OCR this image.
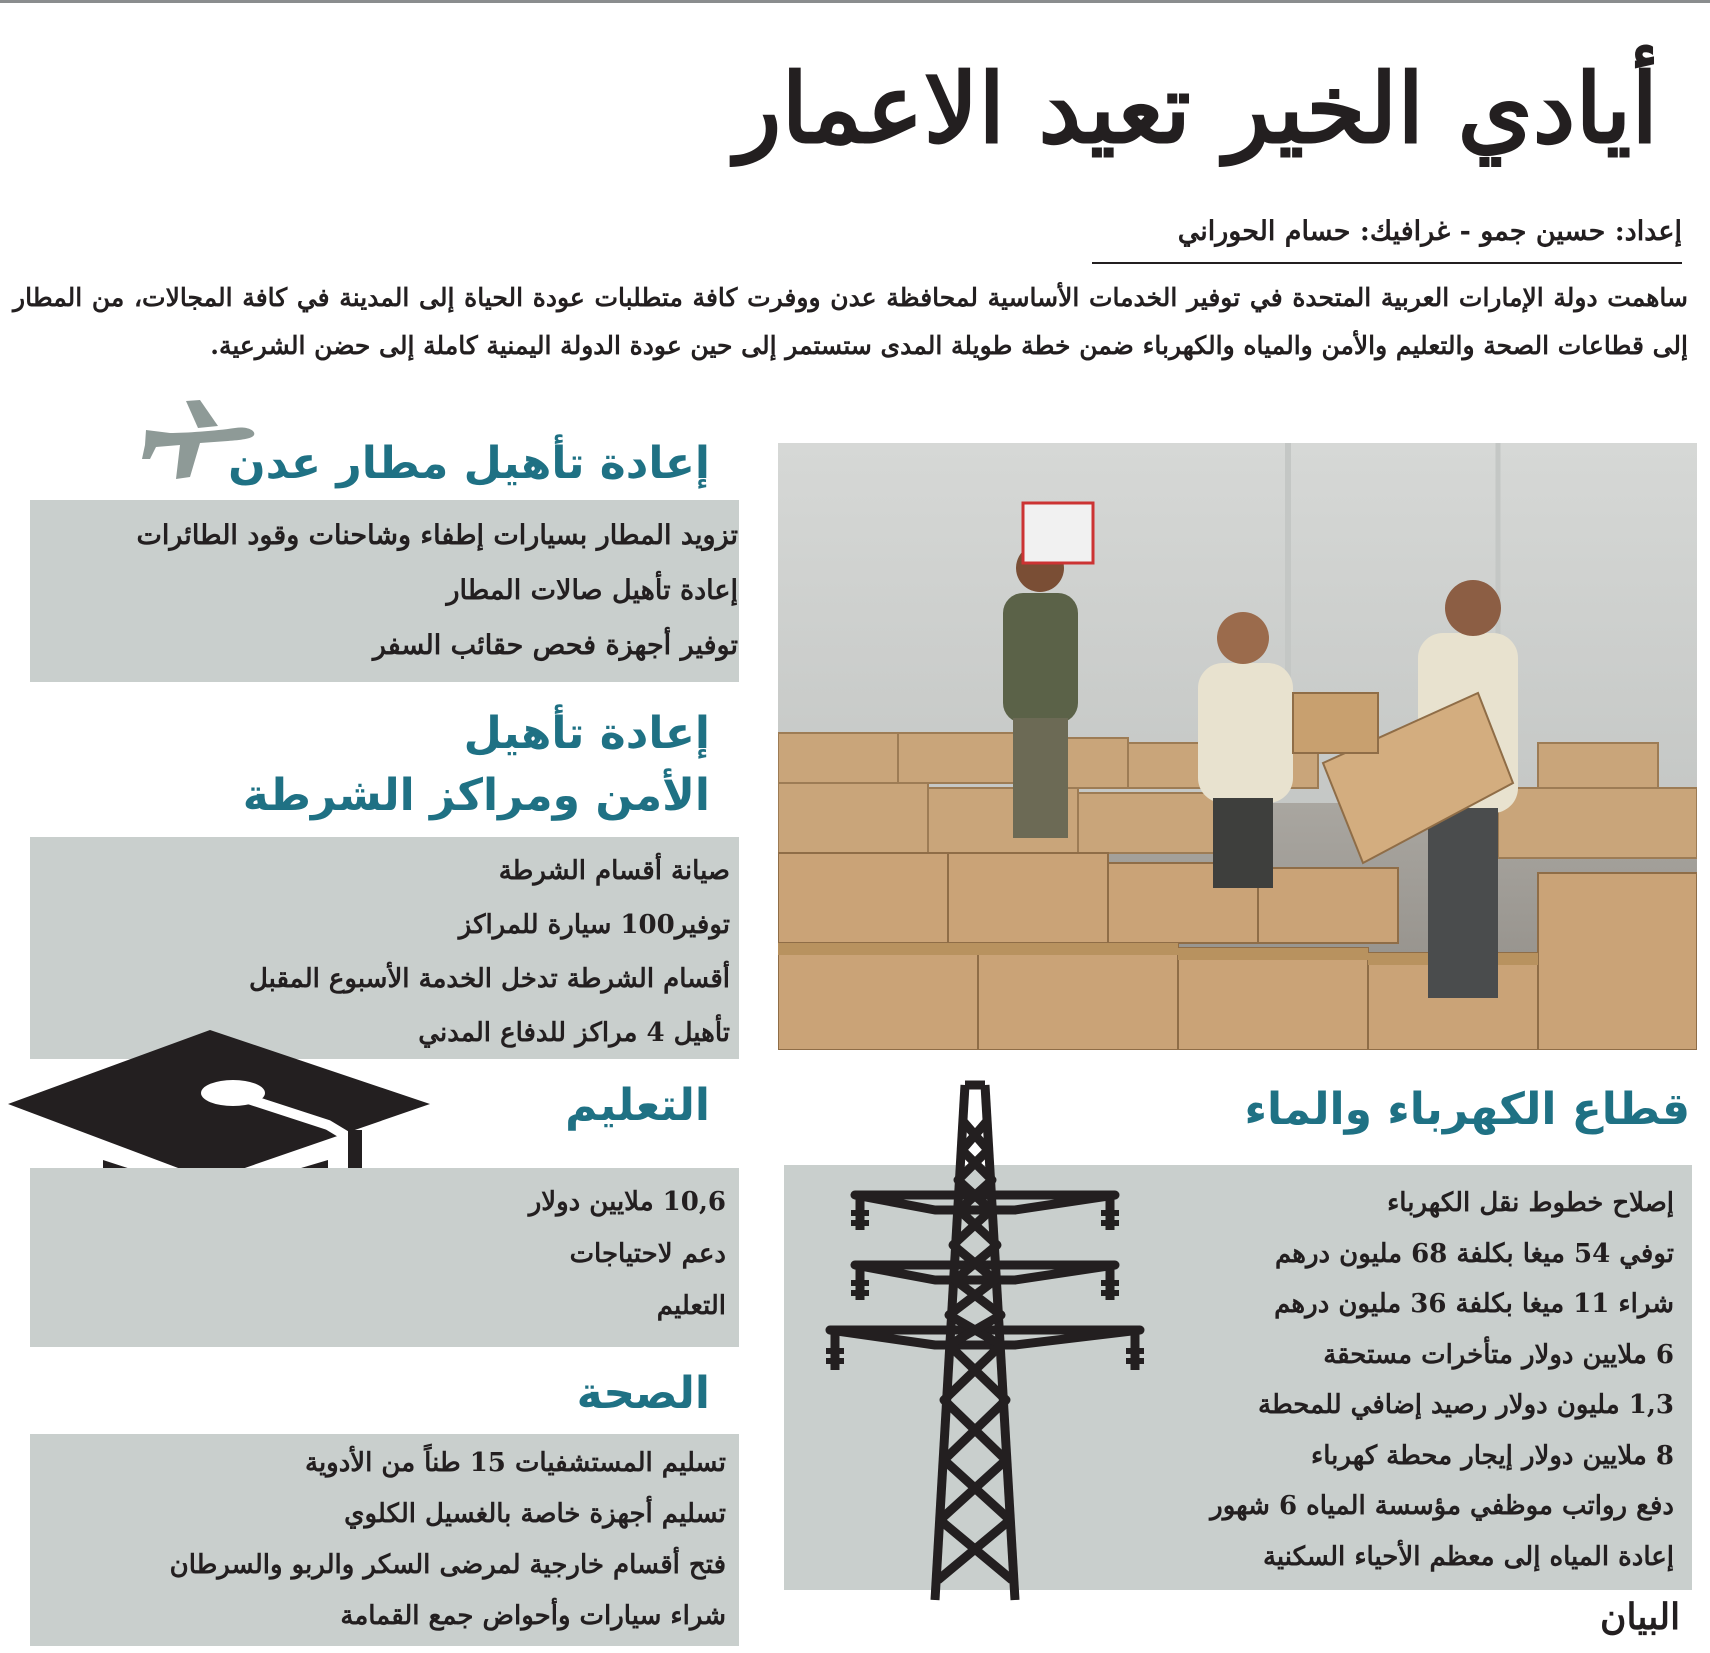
أيادي الخير تعيد الاعمار
إعداد: حسين جمو - غرافيك: حسام الحوراني
ساهمت دولة الإمارات العربية المتحدة في توفير الخدمات الأساسية لمحافظة عدن ووفرت كافة متطلبات عودة الحياة إلى المدينة في كافة المجالات، من المطار إلى قطاعات الصحة والتعليم والأمن والمياه والكهرباء ضمن خطة طويلة المدى ستستمر إلى حين عودة الدولة اليمنية كاملة إلى حضن الشرعية.
إعادة تأهيل مطار عدن
تزويد المطار بسيارات إطفاء وشاحنات وقود الطائرات
إعادة تأهيل صالات المطار
توفير أجهزة فحص حقائب السفر
إعادة تأهيل
الأمن ومراكز الشرطة
صيانة أقسام الشرطة
توفير100 سيارة للمراكز
أقسام الشرطة تدخل الخدمة الأسبوع المقبل
تأهيل 4 مراكز للدفاع المدني
التعليم
10,6 ملايين دولار
دعم لاحتياجات
التعليم
الصحة
تسليم المستشفيات 15 طناً من الأدوية
تسليم أجهزة خاصة بالغسيل الكلوي
فتح أقسام خارجية لمرضى السكر والربو والسرطان
شراء سيارات وأحواض جمع القمامة
قطاع الكهرباء والماء
إصلاح خطوط نقل الكهرباء
توفي 54 ميغا بكلفة 68 مليون درهم
شراء 11 ميغا بكلفة 36 مليون درهم
6 ملايين دولار متأخرات مستحقة
1,3 مليون دولار رصيد إضافي للمحطة
8 ملايين دولار إيجار محطة كهرباء
دفع رواتب موظفي مؤسسة المياه 6 شهور
إعادة المياه إلى معظم الأحياء السكنية
البيان
